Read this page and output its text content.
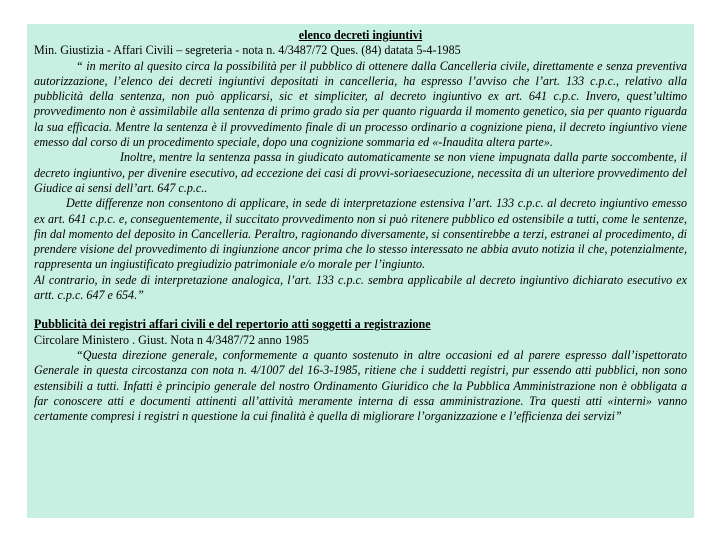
elenco decreti ingiuntivi
Min. Giustizia - Affari Civili – segreteria - nota n. 4/3487/72 Ques. (84) datata 5-4-1985
“ in merito al quesito circa la possibilità per il pubblico di ottenere dalla Cancelleria civile, direttamente e senza preventiva autorizzazione, l’elenco dei decreti ingiuntivi depositati in cancelleria, ha espresso l’avviso che l’art. 133 c.p.c., relativo alla pubblicità della sentenza, non può applicarsi, sic et simpliciter, al decreto ingiuntivo ex art. 641 c.p.c. Invero, quest’ultimo provvedimento non è assimilabile alla sentenza di primo grado sia per quanto riguarda il momento genetico, sia per quanto riguarda la sua efficacia. Mentre la sentenza è il provvedimento finale di un processo ordinario a cognizione piena, il decreto ingiuntivo viene emesso dal corso di un procedimento speciale, dopo una cognizione sommaria ed «-Inaudita altera parte».
Inoltre, mentre la sentenza passa in giudicato automaticamente se non viene impugnata dalla parte soccombente, il decreto ingiuntivo, per divenire esecutivo, ad eccezione dei casi di provvi-soriaesecuzione, necessita di un ulteriore provvedimento del Giudice ai sensi dell’art. 647 c.p.c..
Dette differenze non consentono di applicare, in sede di interpretazione estensiva l’art. 133 c.p.c. al decreto ingiuntivo emesso ex art. 641 c.p.c. e, conseguentemente, il succitato provvedimento non si può ritenere pubblico ed ostensibile a tutti, come le sentenze, fin dal momento del deposito in Cancelleria. Peraltro, ragionando diversamente, si consentirebbe a terzi, estranei al procedimento, di prendere visione del provvedimento di ingiunzione ancor prima che lo stesso interessato ne abbia avuto notizia il che, potenzialmente, rappresenta un ingiustificato pregiudizio patrimoniale e/o morale per l’ingiunto.
Al contrario, in sede di interpretazione analogica, l’art. 133 c.p.c. sembra applicabile al decreto ingiuntivo dichiarato esecutivo ex artt. c.p.c. 647 e 654.”
Pubblicità dei registri affari civili e del repertorio atti soggetti a registrazione
Circolare Ministero . Giust. Nota n 4/3487/72 anno 1985
“Questa direzione generale, conformemente a quanto sostenuto in altre occasioni ed al parere espresso dall’ispettorato Generale in questa circostanza con nota n. 4/1007 del 16-3-1985, ritiene che i suddetti registri, pur essendo atti pubblici, non sono estensibili a tutti. Infatti è principio generale del nostro Ordinamento Giuridico che la Pubblica Amministrazione non è obbligata a far conoscere atti e documenti attinenti all’attività meramente interna di essa amministrazione. Tra questi atti «interni» vanno certamente compresi i registri n questione la cui finalità è quella di migliorare l’organizzazione e l’efficienza dei servizi”
